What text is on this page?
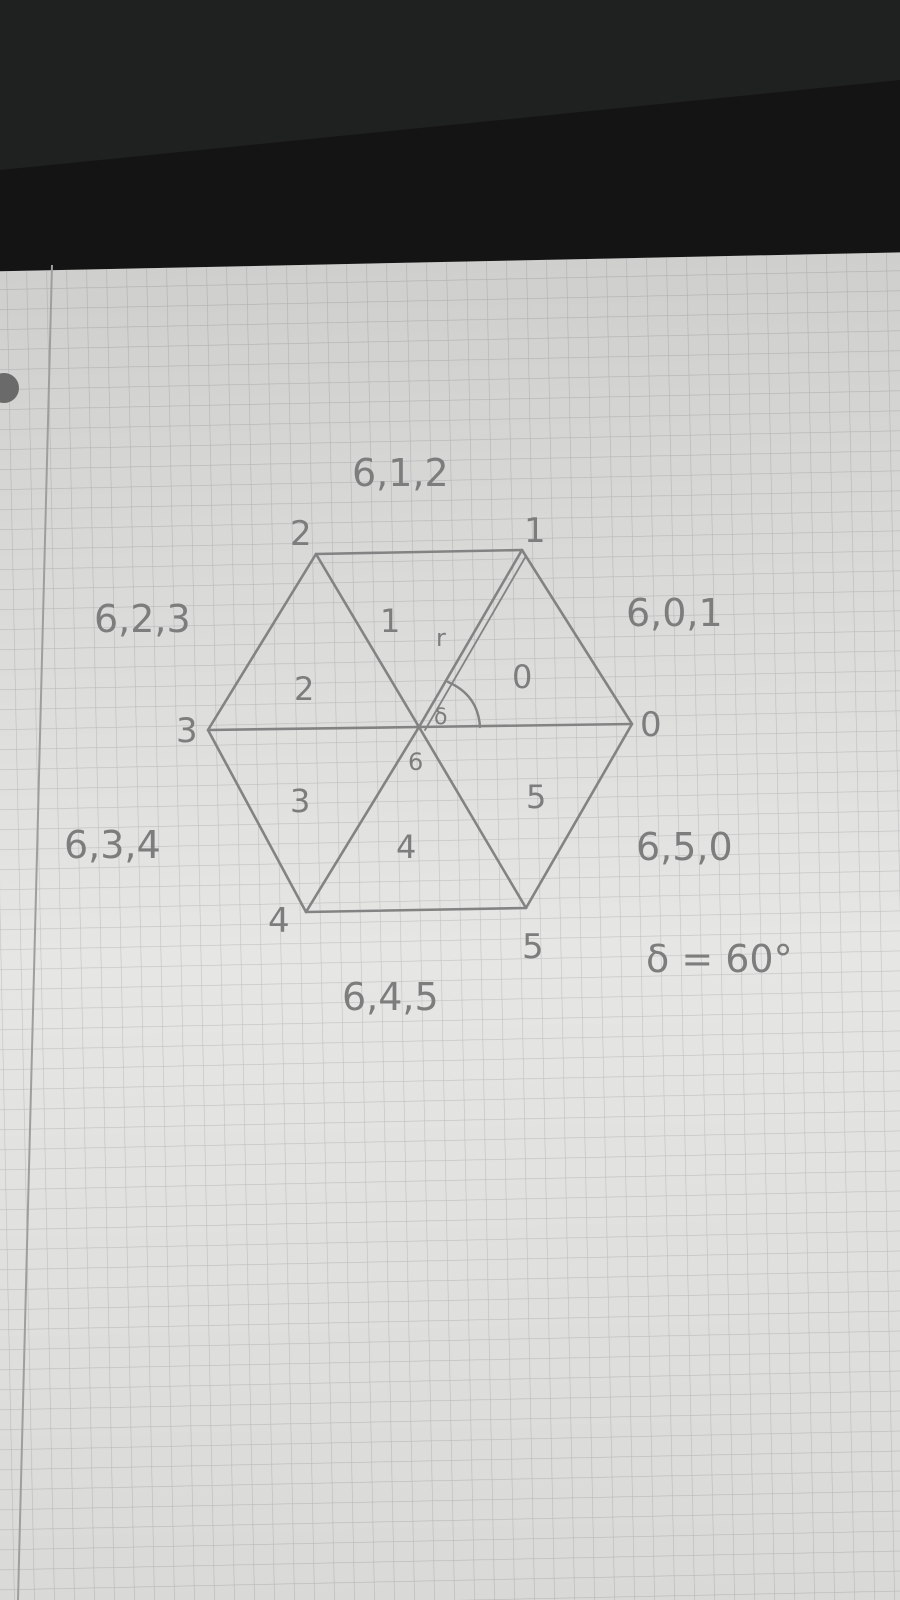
0
1
2
3
4
5
6
0
1
2
3
4
5
r
δ
6,0,1
6,1,2
6,2,3
6,3,4
6,4,5
6,5,0
δ = 60°
